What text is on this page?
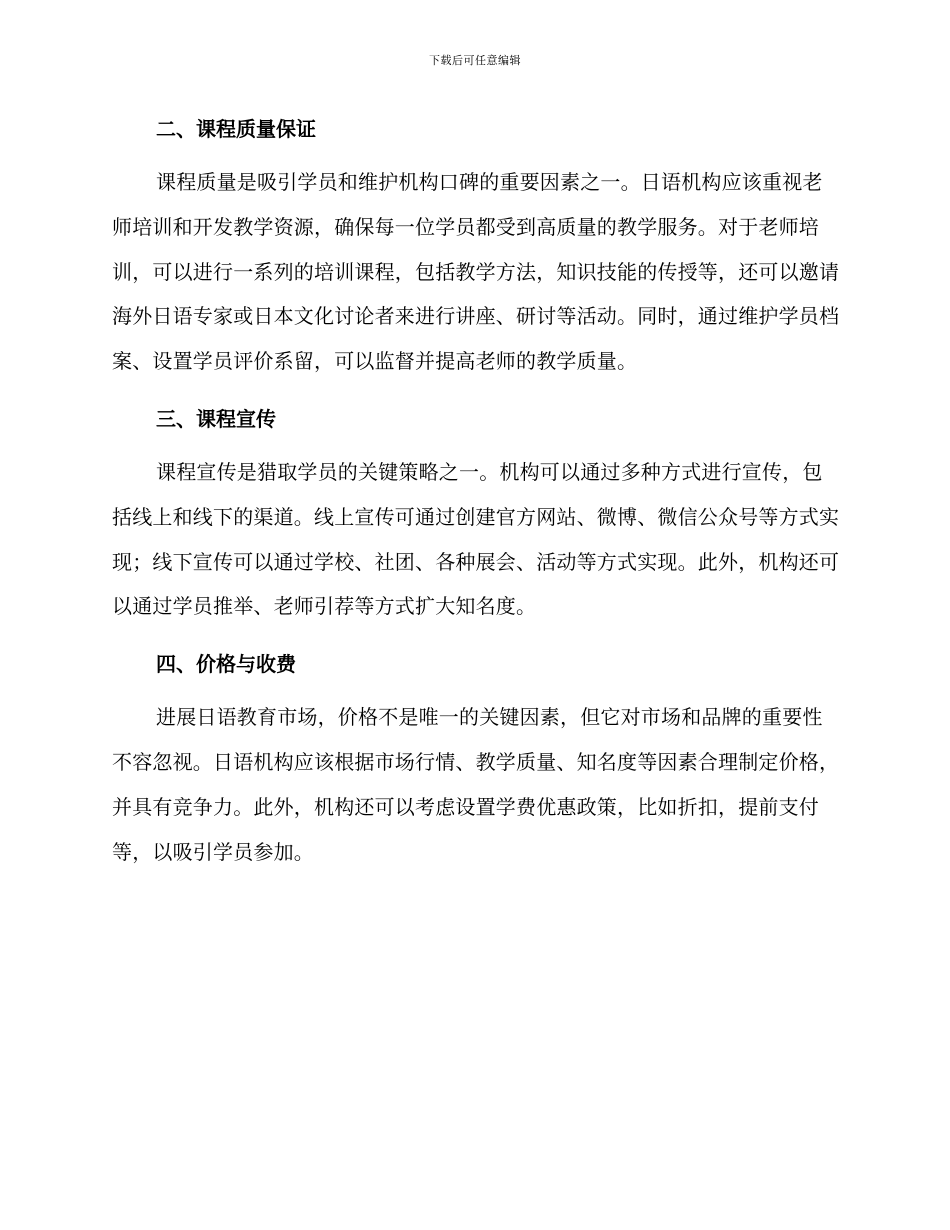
下载后可任意编辑
二、课程质量保证

课程质量是吸引学员和维护机构口碑的重要因素之一。日语机构应该重视老师培训和开发教学资源，确保每一位学员都受到高质量的教学服务。对于老师培训，可以进行一系列的培训课程，包括教学方法，知识技能的传授等，还可以邀请海外日语专家或日本文化讨论者来进行讲座、研讨等活动。同时，通过维护学员档案、设置学员评价系留，可以监督并提高老师的教学质量。

三、课程宣传

课程宣传是猎取学员的关键策略之一。机构可以通过多种方式进行宣传，包括线上和线下的渠道。线上宣传可通过创建官方网站、微博、微信公众号等方式实现；线下宣传可以通过学校、社团、各种展会、活动等方式实现。此外，机构还可以通过学员推举、老师引荐等方式扩大知名度。

四、价格与收费

进展日语教育市场，价格不是唯一的关键因素，但它对市场和品牌的重要性不容忽视。日语机构应该根据市场行情、教学质量、知名度等因素合理制定价格，并具有竞争力。此外，机构还可以考虑设置学费优惠政策，比如折扣，提前支付等，以吸引学员参加。
